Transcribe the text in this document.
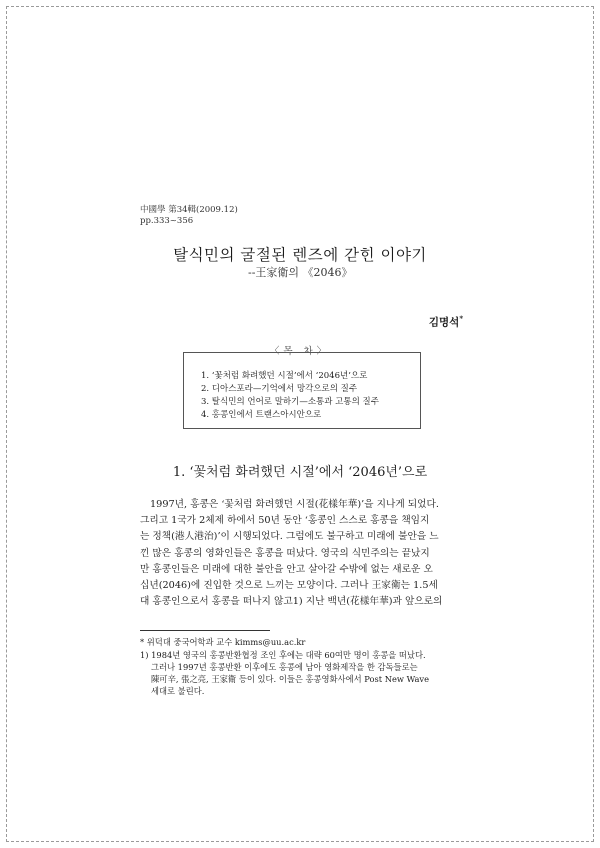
中國學 第34輯(2009.12)
pp.333~356
탈식민의 굴절된 렌즈에 갇힌 이야기
--王家衛의 《2046》
김명석*
〈목 차〉
1. ‘꽃처럼 화려했던 시절’에서 ‘2046년’으로
2. 디아스포라—기억에서 망각으로의 질주
3. 탈식민의 언어로 말하기—소통과 고통의 질주
4. 홍콩인에서 트랜스아시안으로
1. ‘꽃처럼 화려했던 시절’에서 ‘2046년’으로

1997년, 홍콩은 ‘꽃처럼 화려했던 시절(花樣年華)’을 지나게 되었다.
그리고 1국가 2체제 하에서 50년 동안 ‘홍콩인 스스로 홍콩을 책임지
는 정책(港人港治)’이 시행되었다. 그럼에도 불구하고 미래에 불안을 느
낀 많은 홍콩의 영화인들은 홍콩을 떠났다. 영국의 식민주의는 끝났지
만 홍콩인들은 미래에 대한 불안을 안고 살아갈 수밖에 없는 새로운 오
십년(2046)에 진입한 것으로 느끼는 모양이다. 그러나 王家衛는 1.5세
대 홍콩인으로서 홍콩을 떠나지 않고1) 지난 백년(花樣年華)과 앞으로의

* 위덕대 중국어학과 교수 kimms@uu.ac.kr

1) 1984년 영국의 홍콩반환협정 조인 후에는 대략 60여만 명이 홍콩을 떠났다.
그러나 1997년 홍콩반환 이후에도 홍콩에 남아 영화제작을 한 감독들로는
陳可辛, 張之亮, 王家衛 등이 있다. 이들은 홍콩영화사에서 Post New Wave
세대로 불린다.
